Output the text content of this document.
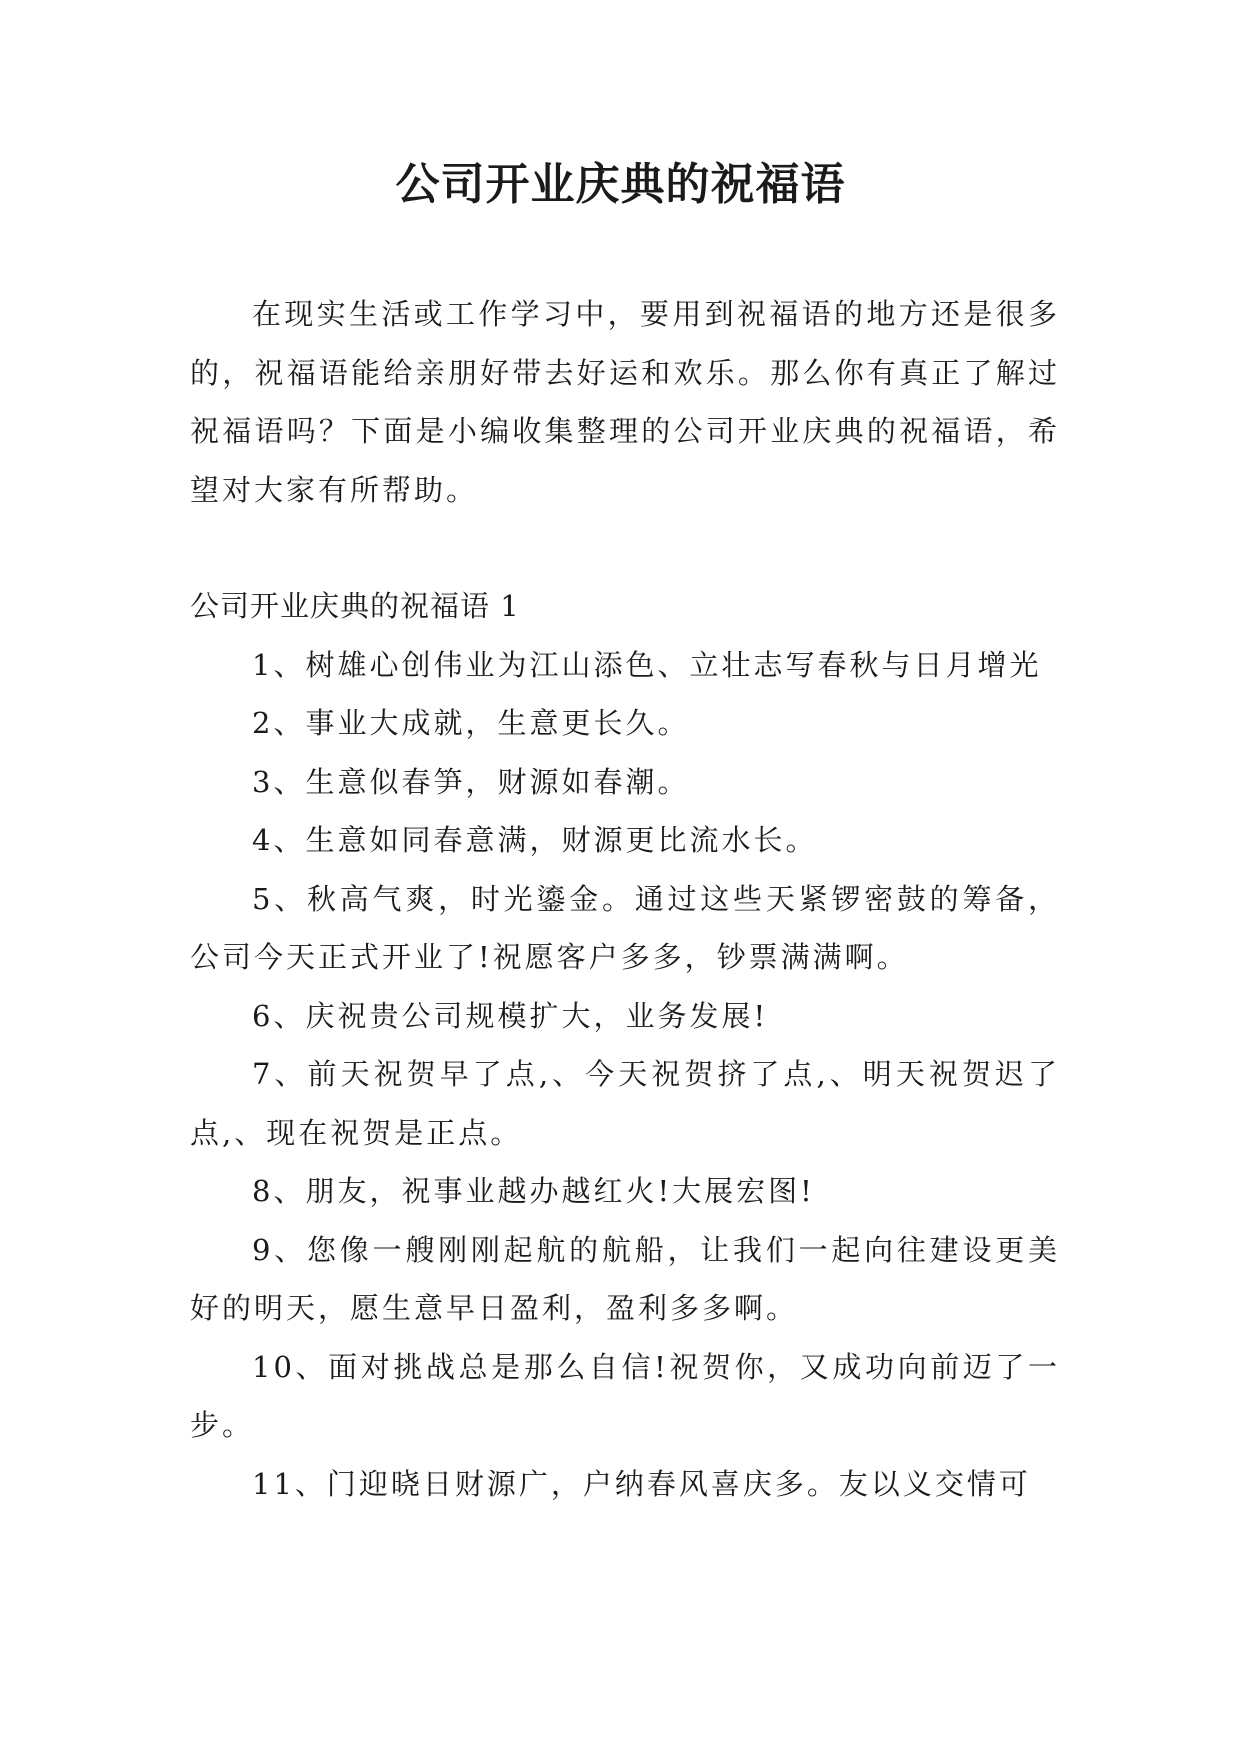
公司开业庆典的祝福语

在现实生活或工作学习中，要用到祝福语的地方还是很多的，祝福语能给亲朋好带去好运和欢乐。那么你有真正了解过祝福语吗？下面是小编收集整理的公司开业庆典的祝福语，希望对大家有所帮助。

公司开业庆典的祝福语 1

1、树雄心创伟业为江山添色、立壮志写春秋与日月增光

2、事业大成就，生意更长久。

3、生意似春笋，财源如春潮。

4、生意如同春意满，财源更比流水长。

5、秋高气爽，时光鎏金。通过这些天紧锣密鼓的筹备，公司今天正式开业了!祝愿客户多多，钞票满满啊。

6、庆祝贵公司规模扩大，业务发展!

7、前天祝贺早了点,、今天祝贺挤了点,、明天祝贺迟了点,、现在祝贺是正点。

8、朋友，祝事业越办越红火!大展宏图!

9、您像一艘刚刚起航的航船，让我们一起向往建设更美好的明天，愿生意早日盈利，盈利多多啊。

10、面对挑战总是那么自信!祝贺你，又成功向前迈了一步。

11、门迎晓日财源广，户纳春风喜庆多。友以义交情可
